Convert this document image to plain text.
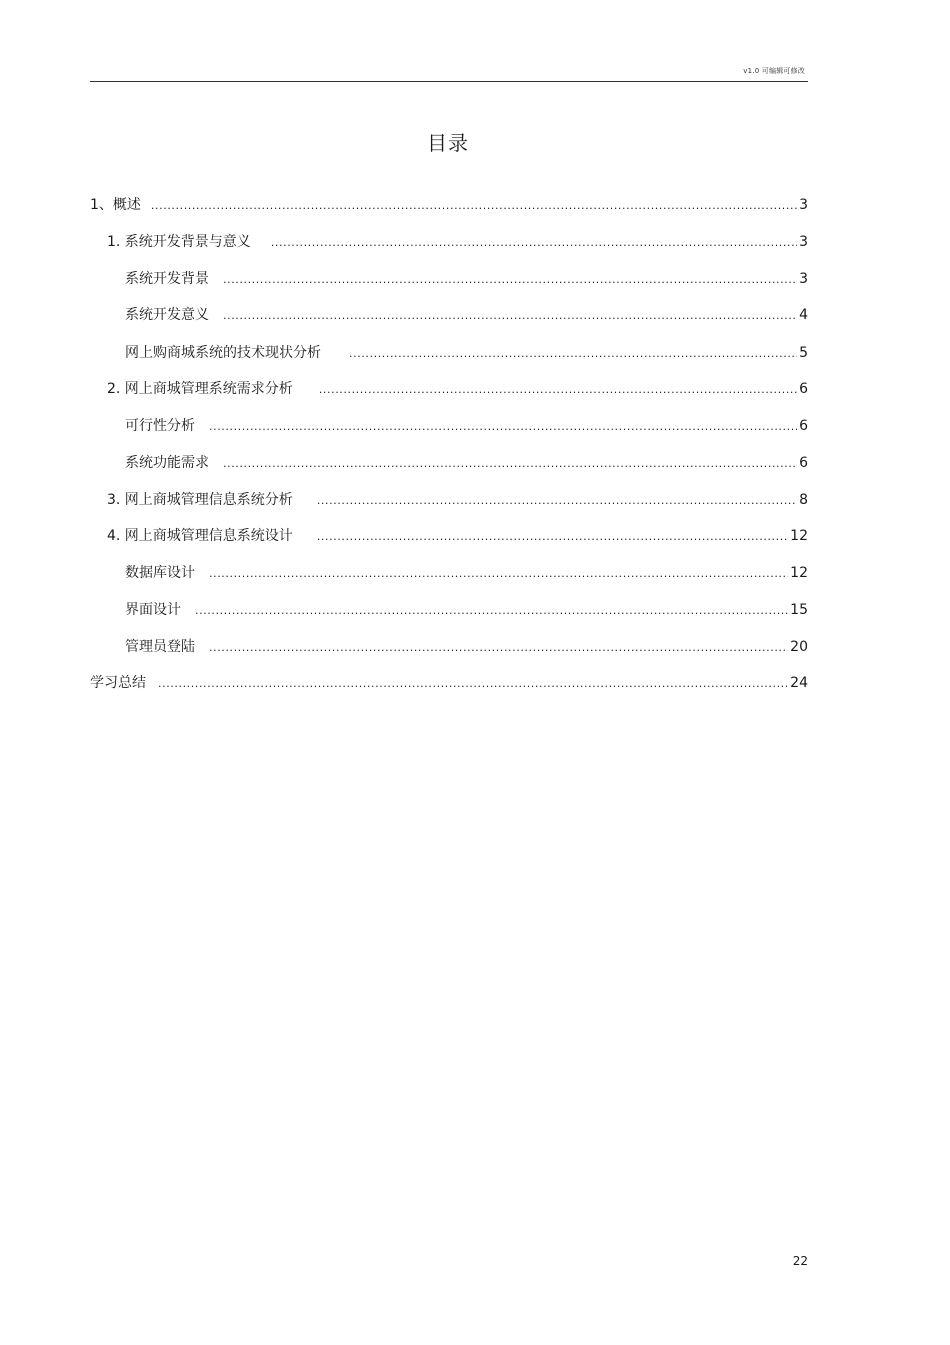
v1.0 可编辑可修改
目录
1、概述 .....	3
1. 系统开发背景与意义 .....	3
系统开发背景 .....	3
系统开发意义 .....	4
网上购商城系统的技术现状分析 .....	5
2. 网上商城管理系统需求分析 .....	6
可行性分析 .....	6
系统功能需求 .....	6
3. 网上商城管理信息系统分析 .....	8
4. 网上商城管理信息系统设计 .....	12
数据库设计 .....	12
界面设计 .....	15
管理员登陆 .....	20
学习总结 .....	24
22
